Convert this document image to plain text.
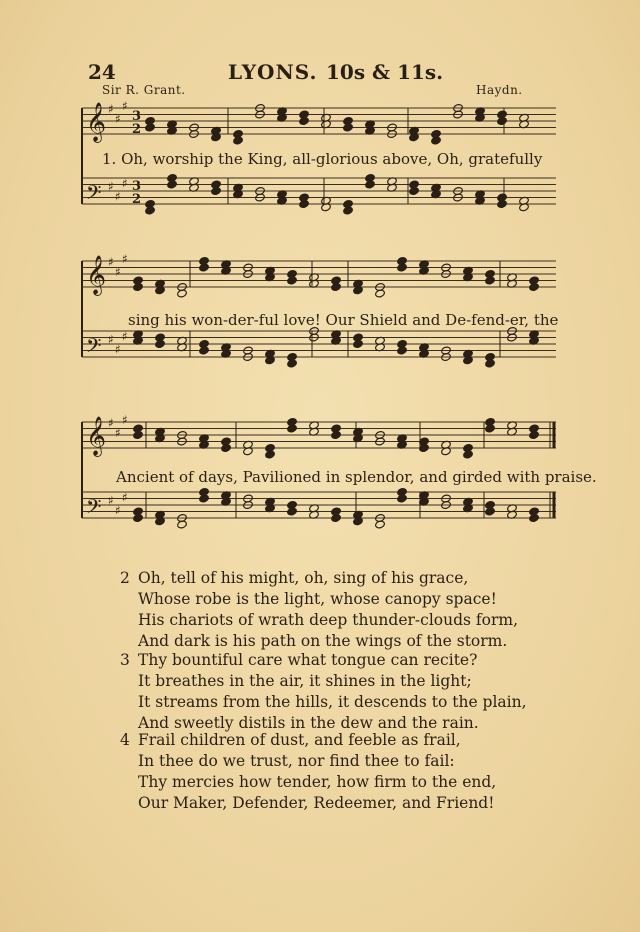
24	LYONS. 10s & 11s.
Sir R. Grant.	Haydn.
𝄞 ♯
♯
♯
𝄢 ♯
♯
♯
3
3
2
2
1. Oh, worship the King, all-glorious above, Oh, gratefully
𝄞 ♯
♯
♯
𝄢 ♯
♯
♯
sing his won-der-ful love! Our Shield and De-fend-er, the
𝄞 ♯
♯
♯
𝄢 ♯
♯
♯
Ancient of days, Pavilioned in splendor, and girded with praise.
2 Oh, tell of his might, oh, sing of his grace,
Whose robe is the light, whose canopy space!
His chariots of wrath deep thunder-clouds form,
And dark is his path on the wings of the storm.
3 Thy bountiful care what tongue can recite?
It breathes in the air, it shines in the light;
It streams from the hills, it descends to the plain,
And sweetly distils in the dew and the rain.
4 Frail children of dust, and feeble as frail,
In thee do we trust, nor find thee to fail:
Thy mercies how tender, how firm to the end,
Our Maker, Defender, Redeemer, and Friend!
